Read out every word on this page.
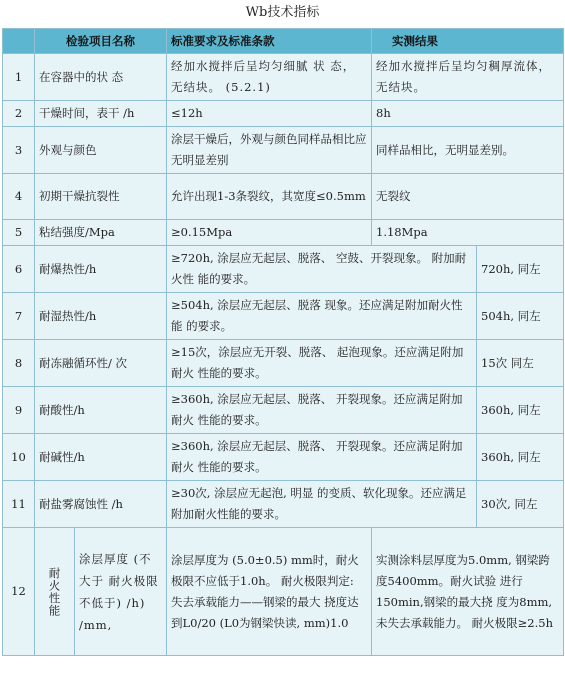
Wb技术指标
	检验项目名称		标准要求及标准条款	实测结果	
1	在容器中的状 态		经加水搅拌后呈均匀细腻 状 态，无结块。 (5.2.1)	经加水搅拌后呈均匀稠厚流体，无结块。	
2	干燥时间，表干 /h		≤12h	8h	
3	外观与颜色		涂层干燥后，外观与颜色同样品相比应无明显差别	同样品相比，无明显差别。	
4	初期干燥抗裂性		允许出现1-3条裂纹，其宽度≤0.5mm	无裂纹	
5	粘结强度/Mpa		≥0.15Mpa	1.18Mpa	
6	耐爆热性/h		≥720h, 涂层应无起层、脱落、 空鼓、开裂现象。 附加耐火性 能的要求。		720h, 同左
7	耐湿热性/h		≥504h, 涂层应无起层、脱落 现象。还应满足附加耐火性能 的要求。		504h, 同左
8	耐冻融循环性/ 次		≥15次，涂层应无开裂、脱落、 起泡现象。还应满足附加耐火 性能的要求。		15次 同左
9	耐酸性/h		≥360h, 涂层应无起层、脱落、 开裂现象。还应满足附加耐火 性能的要求。		360h, 同左
10	耐碱性/h		≥360h, 涂层应无起层、脱落、 开裂现象。还应满足附加耐火 性能的要求。		360h, 同左
11	耐盐雾腐蚀性 /h		≥30次, 涂层应无起泡, 明显 的变质、软化现象。还应满足 附加耐火性能的要求。		30次, 同左
12	耐火性能	涂层厚度 (不大于 耐火极限 不低于) /h) /mm,	涂层厚度为 (5.0±0.5) mm时，耐火极限不应低于1.0h。 耐火极限判定: 失去承载能力——钢梁的最大 挠度达到L0/20 (L0为钢梁快读, mm)1.0	实测涂料层厚度为5.0mm, 钢梁跨度5400mm。耐火试验 进行150min,钢梁的最大挠 度为8mm, 未失去承载能力。 耐火极限≥2.5h	
